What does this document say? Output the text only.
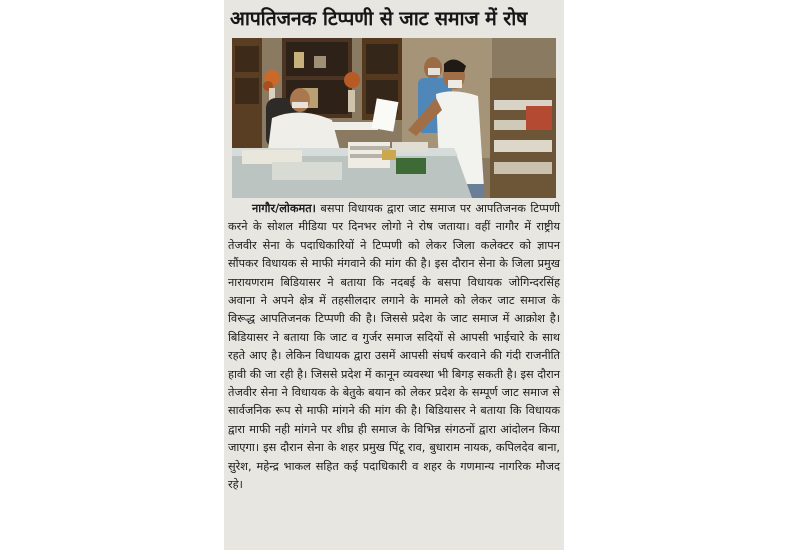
आपतिजनक टिप्पणी से जाट समाज में रोष
नागौर/लोकमत। बसपा विधायक द्वारा जाट समाज पर आपतिजनक टिप्पणी करने के सोशल मीडिया पर दिनभर लोगो ने रोष जताया। वहीं नागौर में राष्ट्रीय तेजवीर सेना के पदाधिकारियों ने टिप्पणी को लेकर जिला कलेक्टर को ज्ञापन सौंपकर विधायक से माफी मंगवाने की मांग की है। इस दौरान सेना के जिला प्रमुख नारायणराम बिडियासर ने बताया कि नदबई के बसपा विधायक जोगिन्दरसिंह अवाना ने अपने क्षेत्र में तहसीलदार लगाने के मामले को लेकर जाट समाज के विरूद्ध आपतिजनक टिप्पणी की है। जिससे प्रदेश के जाट समाज में आक्रोश है। बिडियासर ने बताया कि जाट व गुर्जर समाज सदियों से आपसी भाईचारे के साथ रहते आए है। लेकिन विधायक द्वारा उसमें आपसी संघर्ष करवाने की गंदी राजनीति हावी की जा रही है। जिससे प्रदेश में कानून व्यवस्था भी बिगड़ सकती है। इस दौरान तेजवीर सेना ने विधायक के बेतुके बयान को लेकर प्रदेश के सम्पूर्ण जाट समाज से सार्वजनिक रूप से माफी मांगने की मांग की है। बिडियासर ने बताया कि विधायक द्वारा माफी नही मांगने पर शीघ्र ही समाज के विभिन्न संगठनों द्वारा आंदोलन किया जाएगा। इस दौरान सेना के शहर प्रमुख पिंटू राव, बुधाराम नायक, कपिलदेव बाना, सुरेश, महेन्द्र भाकल सहित कई पदाधिकारी व शहर के गणमान्य नागरिक मौजद रहे।
